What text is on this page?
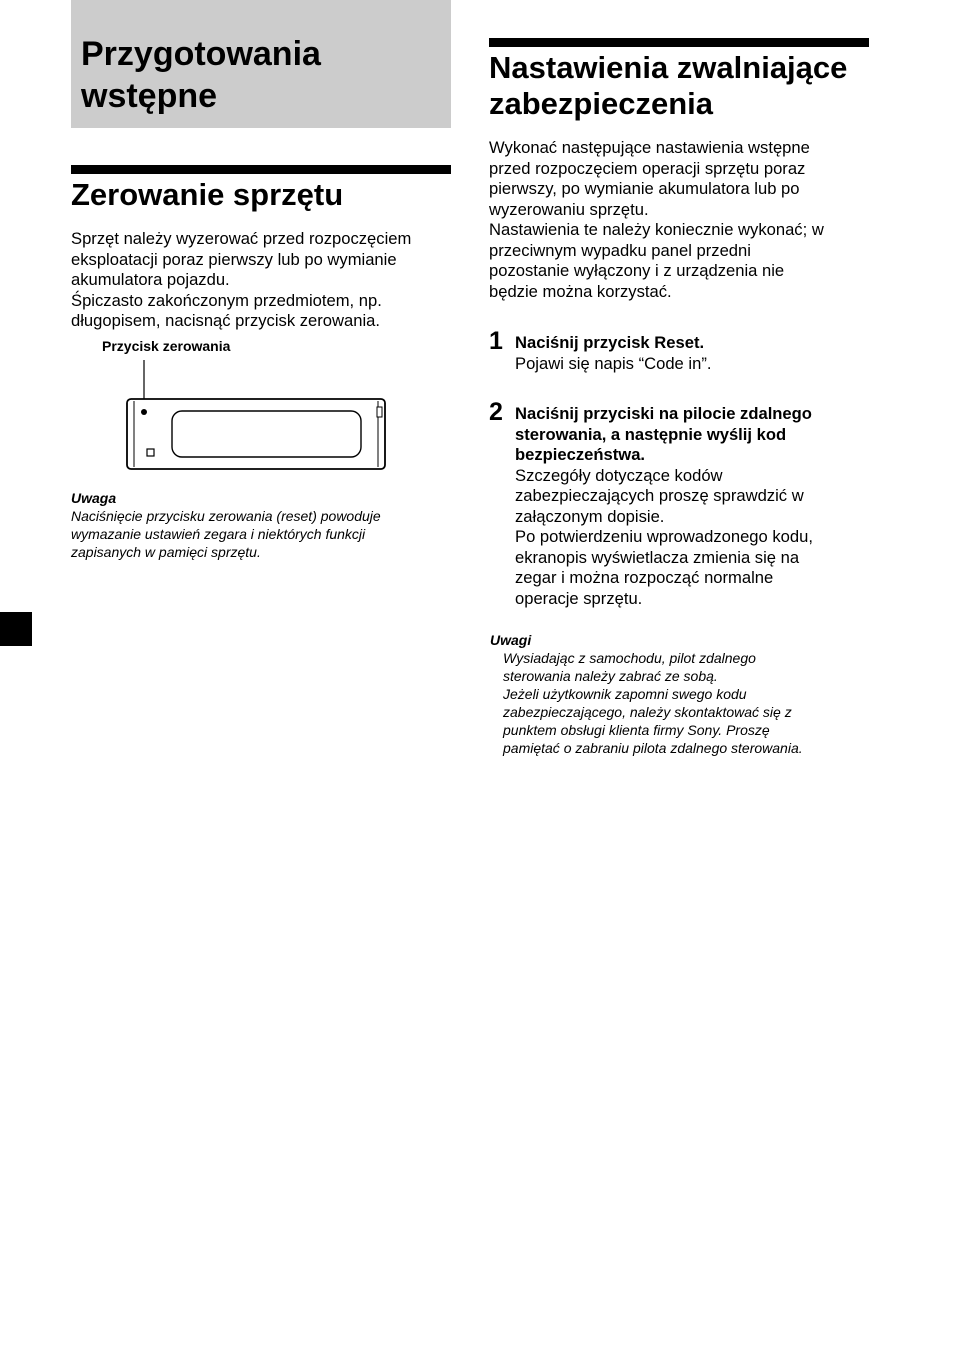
Przygotowania
wstępne
Zerowanie sprzętu

Sprzęt należy wyzerować przed rozpoczęciem

eksploatacji poraz pierwszy lub po wymianie

akumulatora pojazdu.

Śpiczasto zakończonym przedmiotem, np.

długopisem, nacisnąć przycisk zerowania.

Przycisk zerowania

Uwaga

Naciśnięcie przycisku zerowania (reset) powoduje

wymazanie ustawień zegara i niektórych funkcji

zapisanych w pamięci sprzętu.

Nastawienia zwalniające
zabezpieczenia

Wykonać następujące nastawienia wstępne

przed rozpoczęciem operacji sprzętu poraz

pierwszy, po wymianie akumulatora lub po

wyzerowaniu sprzętu.

Nastawienia te należy koniecznie wykonać; w

przeciwnym wypadku panel przedni

pozostanie wyłączony i z urządzenia nie

będzie można korzystać.

1 Naciśnij przycisk Reset.

Pojawi się napis “Code in”.

2 Naciśnij przyciski na pilocie zdalnego

sterowania, a następnie wyślij kod

bezpieczeństwa.

Szczegóły dotyczące kodów

zabezpieczających proszę sprawdzić w

załączonym dopisie.

Po potwierdzeniu wprowadzonego kodu,

ekranopis wyświetlacza zmienia się na

zegar i można rozpocząć normalne

operacje sprzętu.

Uwagi

Wysiadając z samochodu, pilot zdalnego

sterowania należy zabrać ze sobą.

Jeżeli użytkownik zapomni swego kodu

zabezpieczającego, należy skontaktować się z

punktem obsługi klienta firmy Sony. Proszę

pamiętać o zabraniu pilota zdalnego sterowania.
